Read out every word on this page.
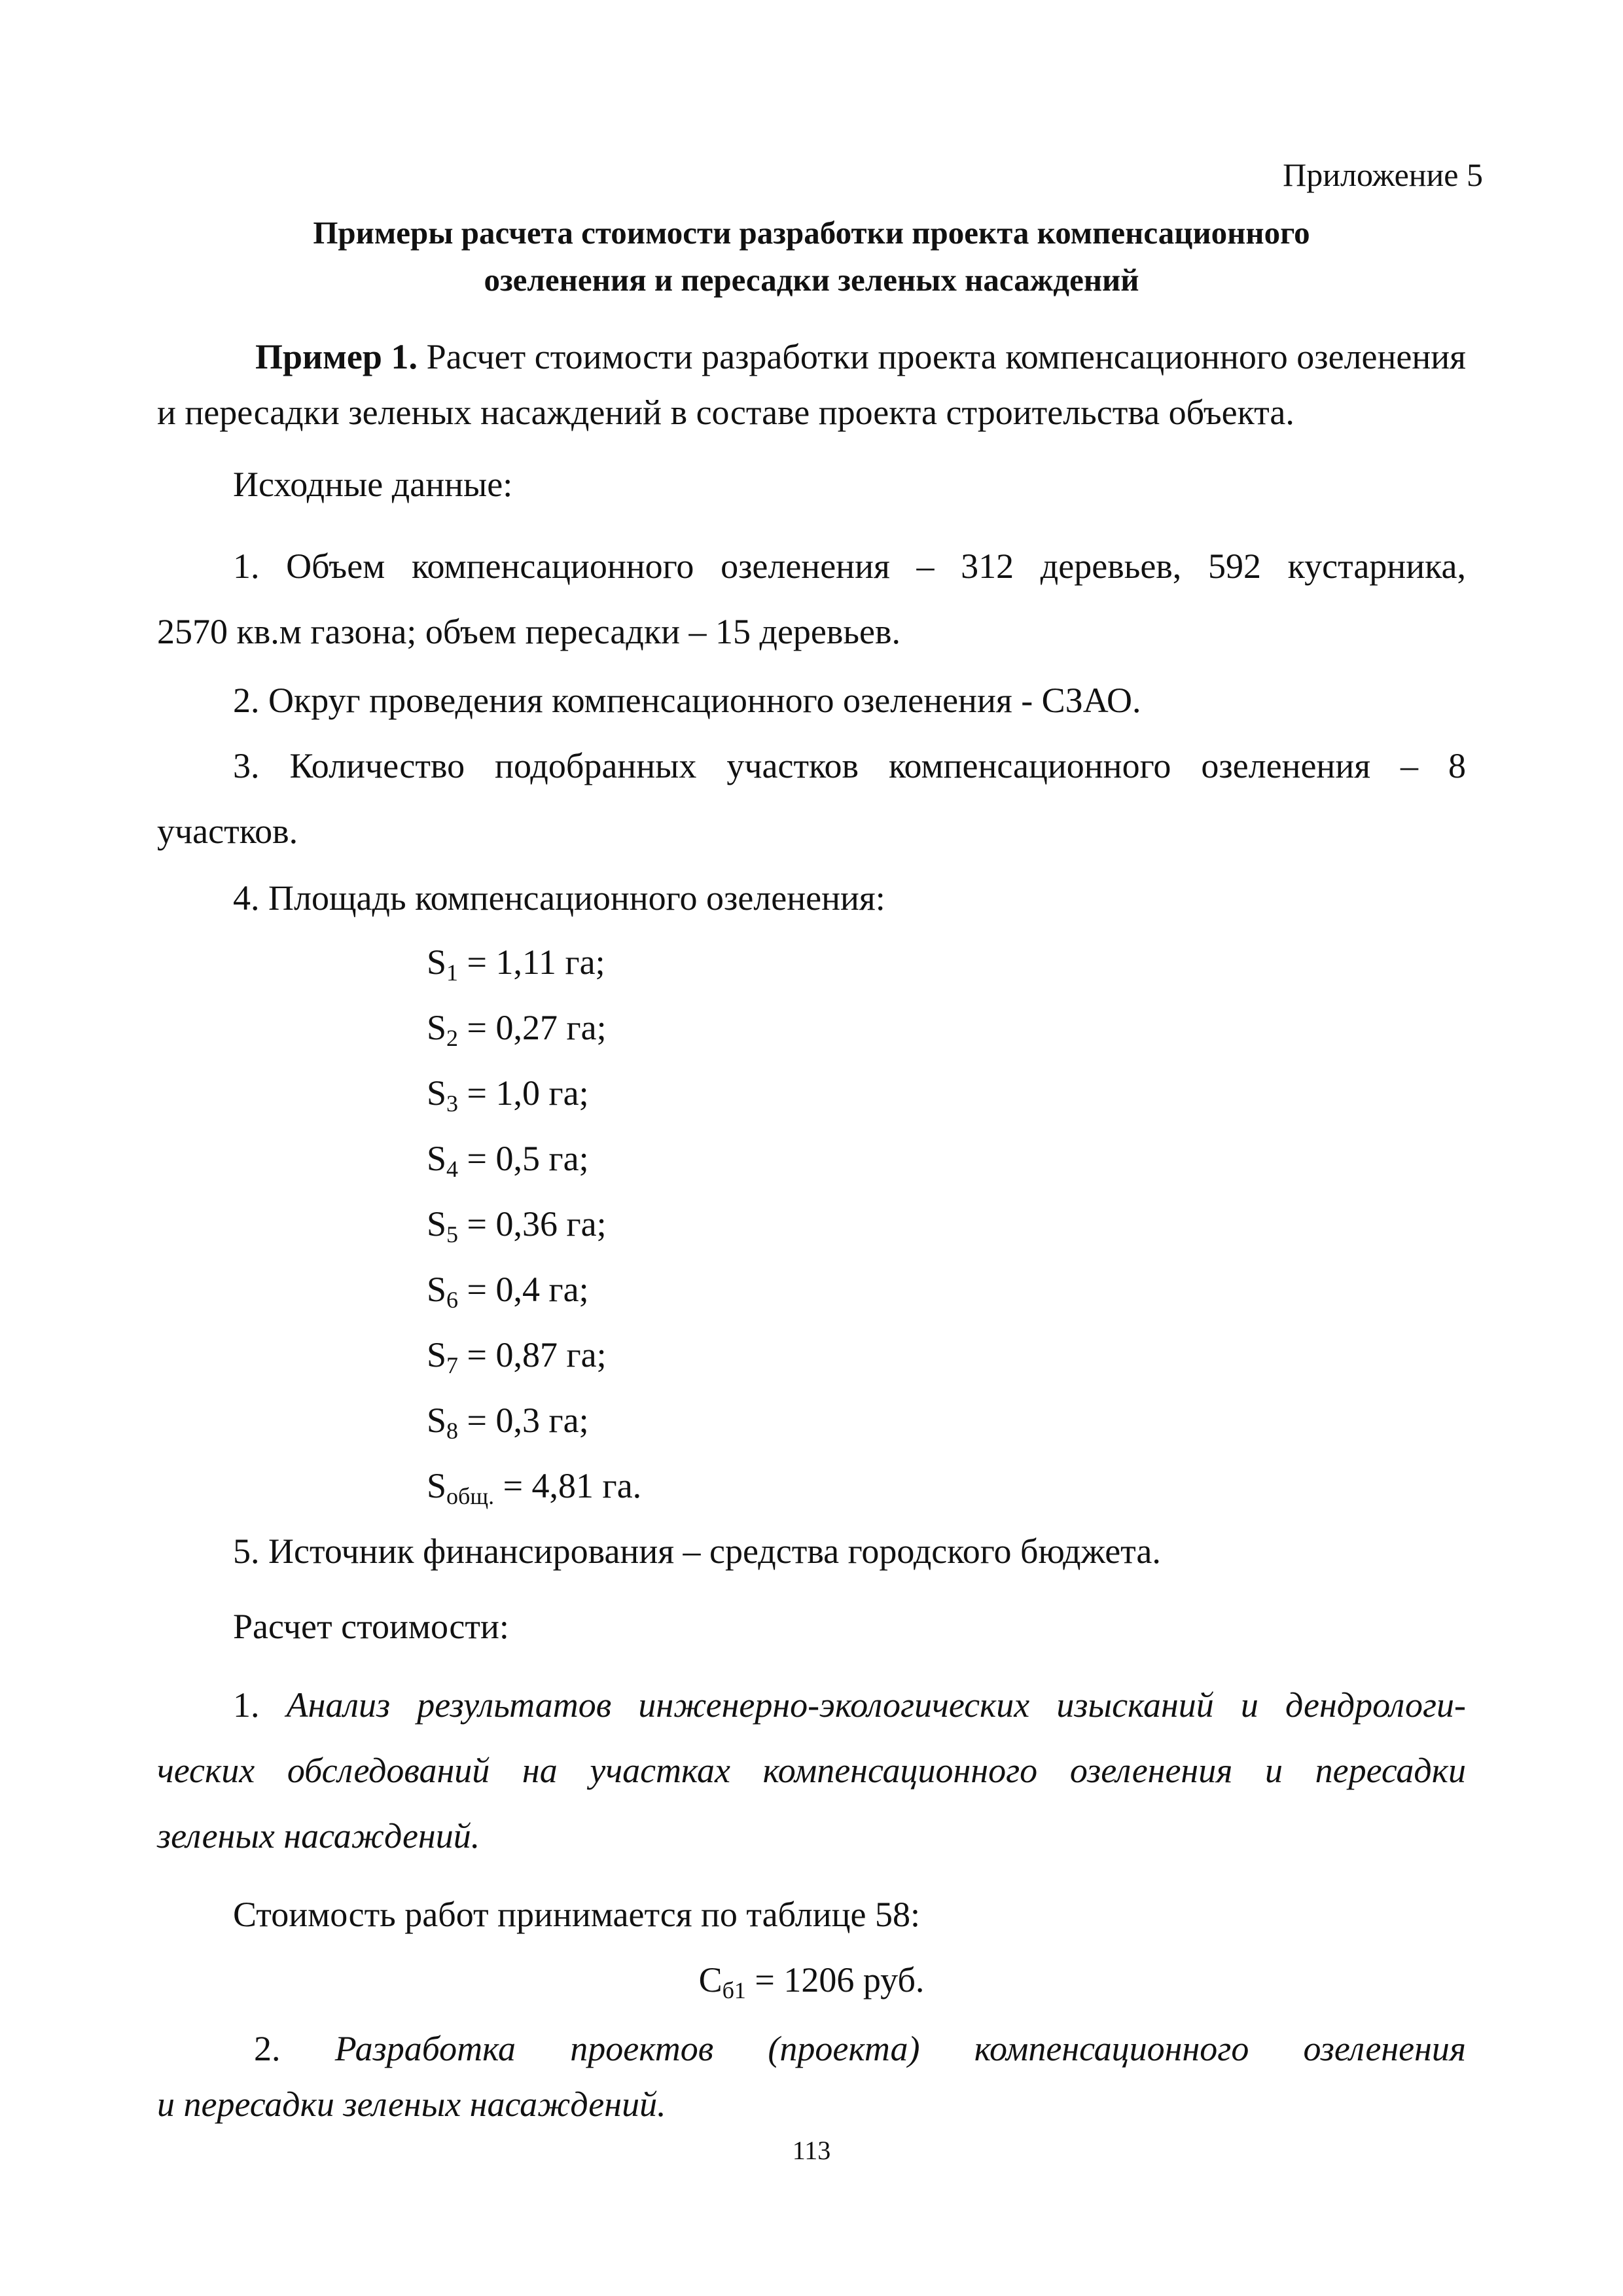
Приложение 5
Примеры расчета стоимости разработки проекта компенсационного
озеленения и пересадки зеленых насаждений
Пример 1. Расчет стоимости разработки проекта компенсационного озеленения
и пересадки зеленых насаждений в составе проекта строительства объекта.
Исходные данные:
1. Объем компенсационного озеленения – 312 деревьев, 592 кустарника,
2570 кв.м газона; объем пересадки – 15 деревьев.
2. Округ проведения компенсационного озеленения - СЗАО.
3. Количество подобранных участков компенсационного озеленения – 8
участков.
4. Площадь компенсационного озеленения:
$S_1 = 1,11$ га;
$S_2 = 0,27$ га;
$S_3 = 1,0$ га;
$S_4 = 0,5$ га;
$S_5 = 0,36$ га;
$S_6 = 0,4$ га;
$S_7 = 0,87$ га;
$S_8 = 0,3$ га;
$S_{общ.} = 4,81$ га.
5. Источник финансирования – средства городского бюджета.
Расчет стоимости:
1. Анализ результатов инженерно-экологических изысканий и дендрологи-
ческих обследований на участках компенсационного озеленения и пересадки
зеленых насаждений.
Стоимость работ принимается по таблице 58:
$С_{б1} = 1206$ руб.
2. Разработка проектов (проекта) компенсационного озеленения
и пересадки зеленых насаждений.
113
